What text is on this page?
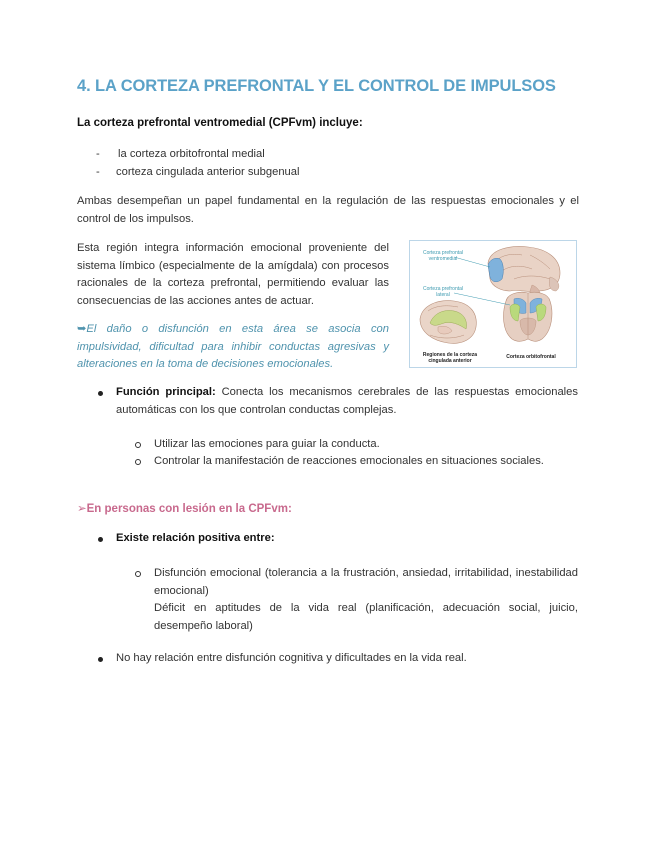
4. LA CORTEZA PREFRONTAL Y EL CONTROL DE IMPULSOS
La corteza prefrontal ventromedial (CPFvm) incluye:
- la corteza orbitofrontal medial
- corteza cingulada anterior subgenual
Ambas desempeñan un papel fundamental en la regulación de las respuestas emocionales y el control de los impulsos.
Esta región integra información emocional proveniente del sistema límbico (especialmente de la amígdala) con procesos racionales de la corteza prefrontal, permitiendo evaluar las consecuencias de las acciones antes de actuar.
➥El daño o disfunción en esta área se asocia con impulsividad, dificultad para inhibir conductas agresivas y alteraciones en la toma de decisiones emocionales.
Corteza prefrontal ventromedial
Corteza prefrontal lateral
Regiones de la corteza cingulada anterior
Corteza orbitofrontal
Función principal: Conecta los mecanismos cerebrales de las respuestas emocionales automáticas con los que controlan conductas complejas.
Utilizar las emociones para guiar la conducta.
Controlar la manifestación de reacciones emocionales en situaciones sociales.
➢En personas con lesión en la CPFvm:
Existe relación positiva entre:
Disfunción emocional (tolerancia a la frustración, ansiedad, irritabilidad, inestabilidad emocional)
Déficit en aptitudes de la vida real (planificación, adecuación social, juicio, desempeño laboral)
No hay relación entre disfunción cognitiva y dificultades en la vida real.
